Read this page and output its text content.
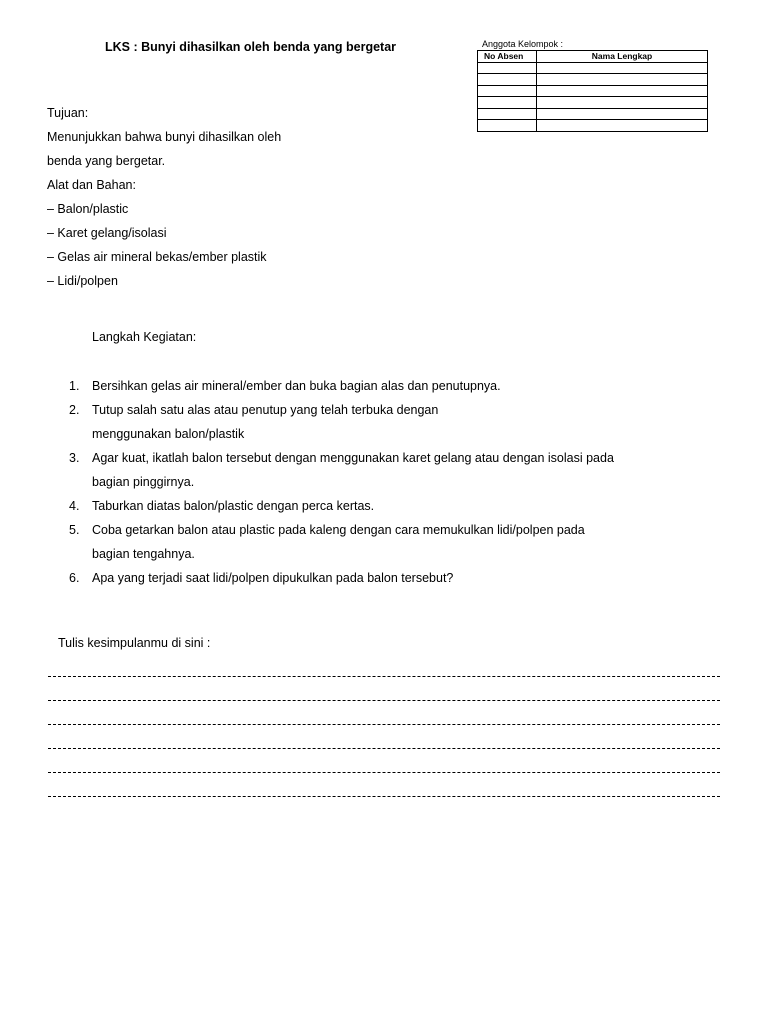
LKS : Bunyi dihasilkan oleh benda yang bergetar	Anggota Kelompok :
No Absen	Nama Lengkap

Tujuan:
Menunjukkan bahwa bunyi dihasilkan oleh
benda yang bergetar.
Alat dan Bahan:
– Balon/plastic
– Karet gelang/isolasi
– Gelas air mineral bekas/ember plastik
– Lidi/polpen
Langkah Kegiatan:
1. Bersihkan gelas air mineral/ember dan buka bagian alas dan penutupnya.
2. Tutup salah satu alas atau penutup yang telah terbuka dengan
menggunakan balon/plastik
3. Agar kuat, ikatlah balon tersebut dengan menggunakan karet gelang atau dengan isolasi pada
bagian pinggirnya.
4. Taburkan diatas balon/plastic dengan perca kertas.
5. Coba getarkan balon atau plastic pada kaleng dengan cara memukulkan lidi/polpen pada
bagian tengahnya.
6. Apa yang terjadi saat lidi/polpen dipukulkan pada balon tersebut?
Tulis kesimpulanmu di sini :
